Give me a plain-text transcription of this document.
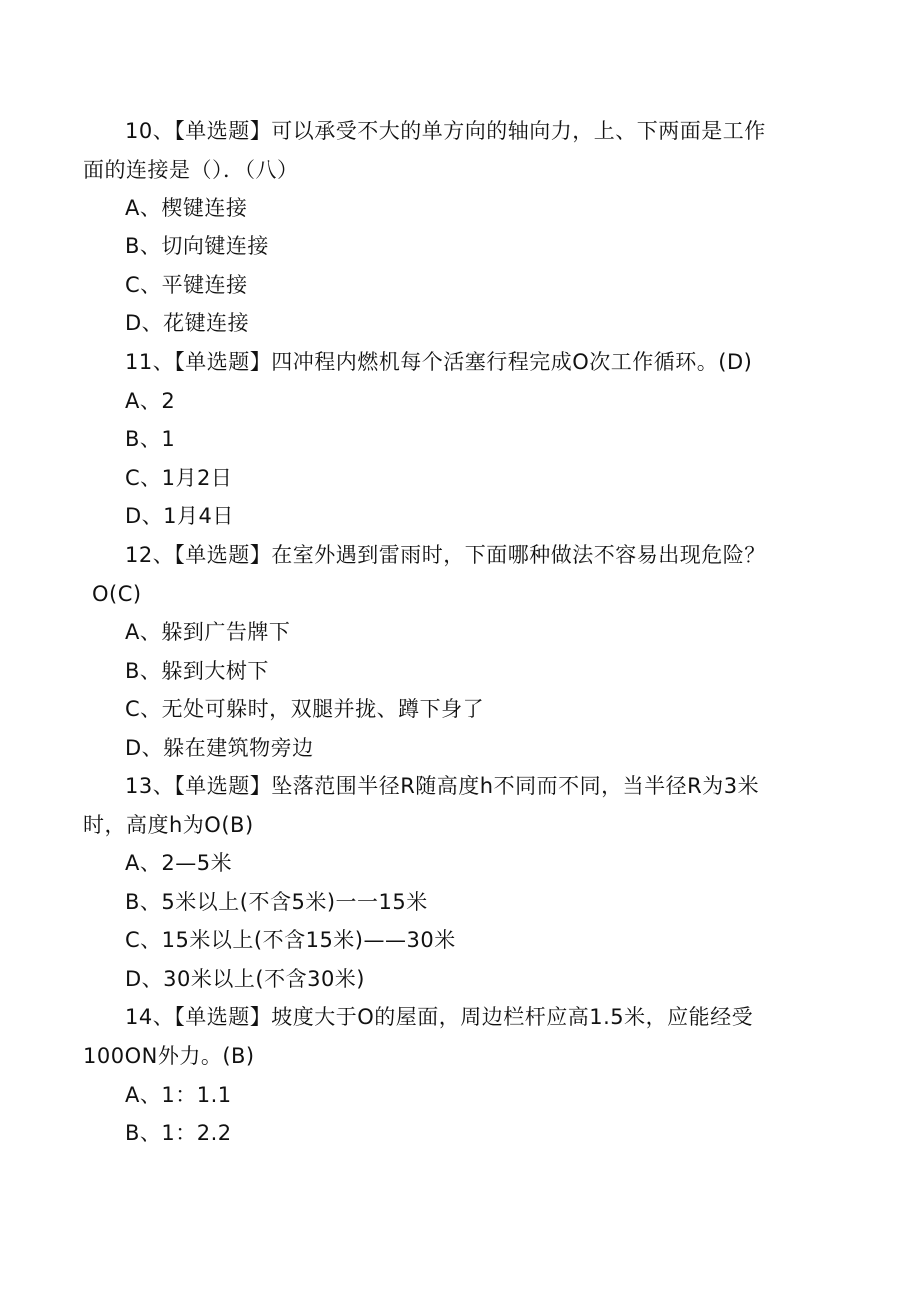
10、【单选题】可以承受不大的单方向的轴向力，上、下两面是工作
面的连接是（）．（八）
A、楔键连接
B、切向键连接
C、平键连接
D、花键连接
11、【单选题】四冲程内燃机每个活塞行程完成O次工作循环。(D)
A、2
B、1
C、1月2日
D、1月4日
12、【单选题】在室外遇到雷雨时，下面哪种做法不容易出现危险？
O(C)
A、躲到广告牌下
B、躲到大树下
C、无处可躲时，双腿并拢、蹲下身了
D、躲在建筑物旁边
13、【单选题】坠落范围半径R随高度h不同而不同，当半径R为3米
时，高度h为O(B)
A、2—5米
B、5米以上(不含5米)一一15米
C、15米以上(不含15米)——30米
D、30米以上(不含30米)
14、【单选题】坡度大于O的屋面，周边栏杆应高1.5米，应能经受
100ON外力。(B)
A、1：1.1
B、1：2.2
